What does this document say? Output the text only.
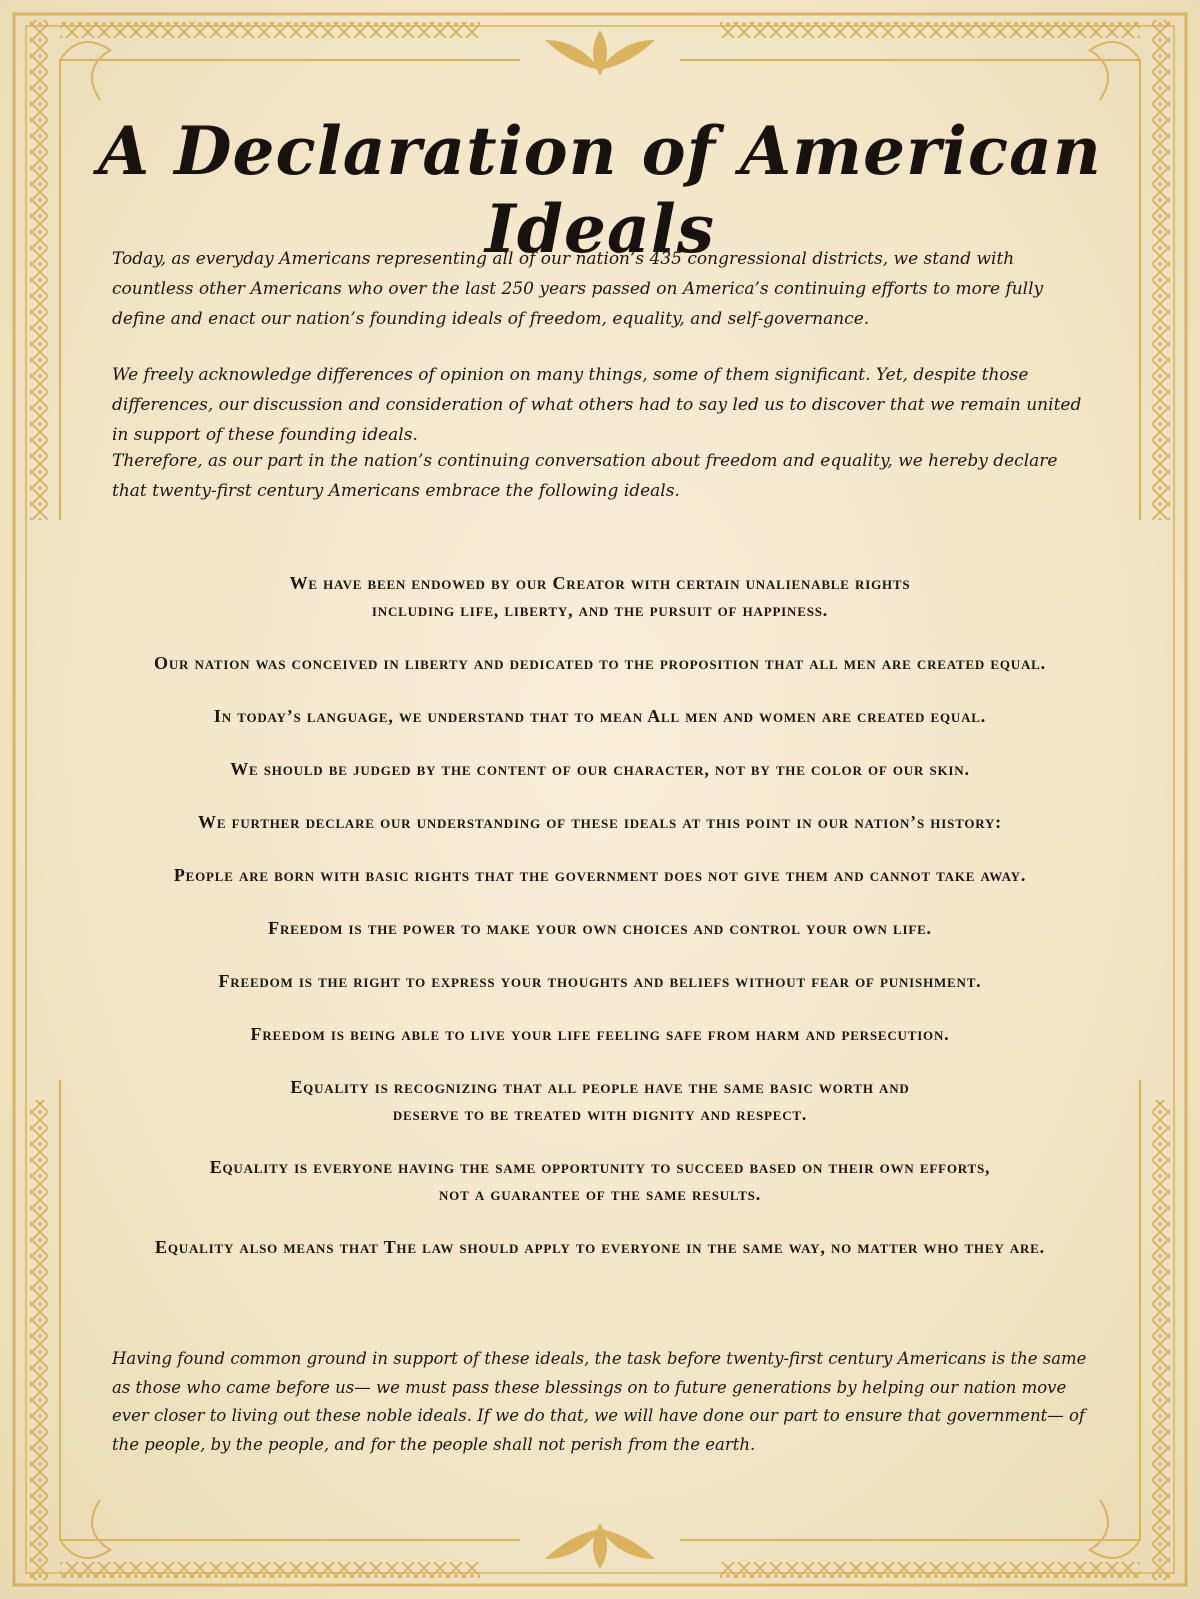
A Declaration of American Ideals
Today, as everyday Americans representing all of our nation’s 435 congressional districts, we stand with countless other Americans who over the last 250 years passed on America’s continuing efforts to more fully define and enact our nation’s founding ideals of freedom, equality, and self-governance.
We freely acknowledge differences of opinion on many things, some of them significant. Yet, despite those differences, our discussion and consideration of what others had to say led us to discover that we remain united in support of these founding ideals.
Therefore, as our part in the nation’s continuing conversation about freedom and equality, we hereby declare that twenty-first century Americans embrace the following ideals.
We have been endowed by our Creator with certain unalienable rights
including life, liberty, and the pursuit of happiness.
Our nation was conceived in liberty and dedicated to the proposition that all men are created equal.
In today’s language, we understand that to mean All men and women are created equal.
We should be judged by the content of our character, not by the color of our skin.
We further declare our understanding of these ideals at this point in our nation’s history:
People are born with basic rights that the government does not give them and cannot take away.
Freedom is the power to make your own choices and control your own life.
Freedom is the right to express your thoughts and beliefs without fear of punishment.
Freedom is being able to live your life feeling safe from harm and persecution.
Equality is recognizing that all people have the same basic worth and
deserve to be treated with dignity and respect.
Equality is everyone having the same opportunity to succeed based on their own efforts,
not a guarantee of the same results.
Equality also means that The law should apply to everyone in the same way, no matter who they are.
Having found common ground in support of these ideals, the task before twenty-first century Americans is the same as those who came before us— we must pass these blessings on to future generations by helping our nation move ever closer to living out these noble ideals. If we do that, we will have done our part to ensure that government— of the people, by the people, and for the people shall not perish from the earth.
